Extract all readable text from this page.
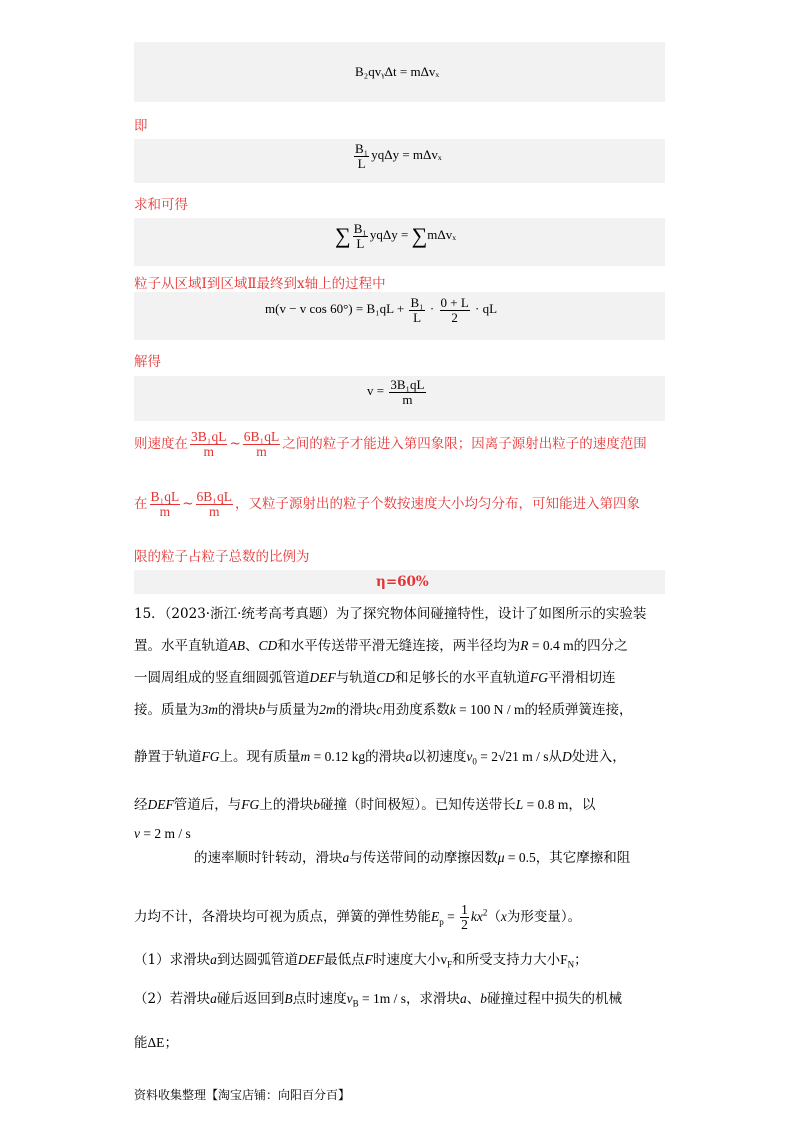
B₂qvᵧΔt = mΔvₓ
即
$\frac{\text{B₁}}{L}$ yqΔy = mΔvₓ
求和可得
∑ $\frac{\text{B₁}}{L}$ yqΔy = ∑mΔvₓ
粒子从区域Ⅰ到区域Ⅱ最终到x轴上的过程中
m(v − v $\cos 60^\circ) = B_1qL + \frac{\text{B₁}}{L} \cdot \frac{0 + L}{2}$ · qL
解得
$v = \frac{\text{3B₁qL}}{m}$
则速度在 $\frac{\text{3B₁qL}}{m}$ ~ $\frac{\text{6B₁qL}}{m}$ 之间的粒子才能进入第四象限；因离子源射出粒子的速度范围
在 $\frac{\text{B₁qL}}{m}$ ~ $\frac{\text{6B₁qL}}{m}$ ，又粒子源射出的粒子个数按速度大小均匀分布，可知能进入第四象
限的粒子占粒子总数的比例为
η=60%
15．（2023·浙江·统考高考真题）为了探究物体间碰撞特性，设计了如图所示的实验装
置。水平直轨道AB、CD和水平传送带平滑无缝连接，两半径均为R = 0.4 m的四分之
一圆周组成的竖直细圆弧管道DEF与轨道CD和足够长的水平直轨道FG平滑相切连
接。质量为3m的滑块b与质量为2m的滑块c用劲度系数k = 100 N / m的轻质弹簧连接，
静置于轨道FG上。现有质量m = 0.12 kg的滑块a以初速度$v_0 = 2√21$ m / s从D处进入，
经DEF管道后，与FG上的滑块b碰撞（时间极短）。已知传送带长L = 0.8 m，以
v = 2 m / s
的速率顺时针转动，滑块a与传送带间的动摩擦因数μ = 0.5，其它摩擦和阻
力均不计，各滑块均可视为质点，弹簧的弹性势能$E_p = \frac{1}{2} kx^2(x$为形变量）。
（1）求滑块a到达圆弧管道DEF最低点F时速度大小$v_F$和所受支持力大小$F_N$；
（2）若滑块a碰后返回到B点时速度$v_B = 1m / s$，求滑块a、b碰撞过程中损失的机械
能ΔE；
资料收集整理【淘宝店铺：向阳百分百】
